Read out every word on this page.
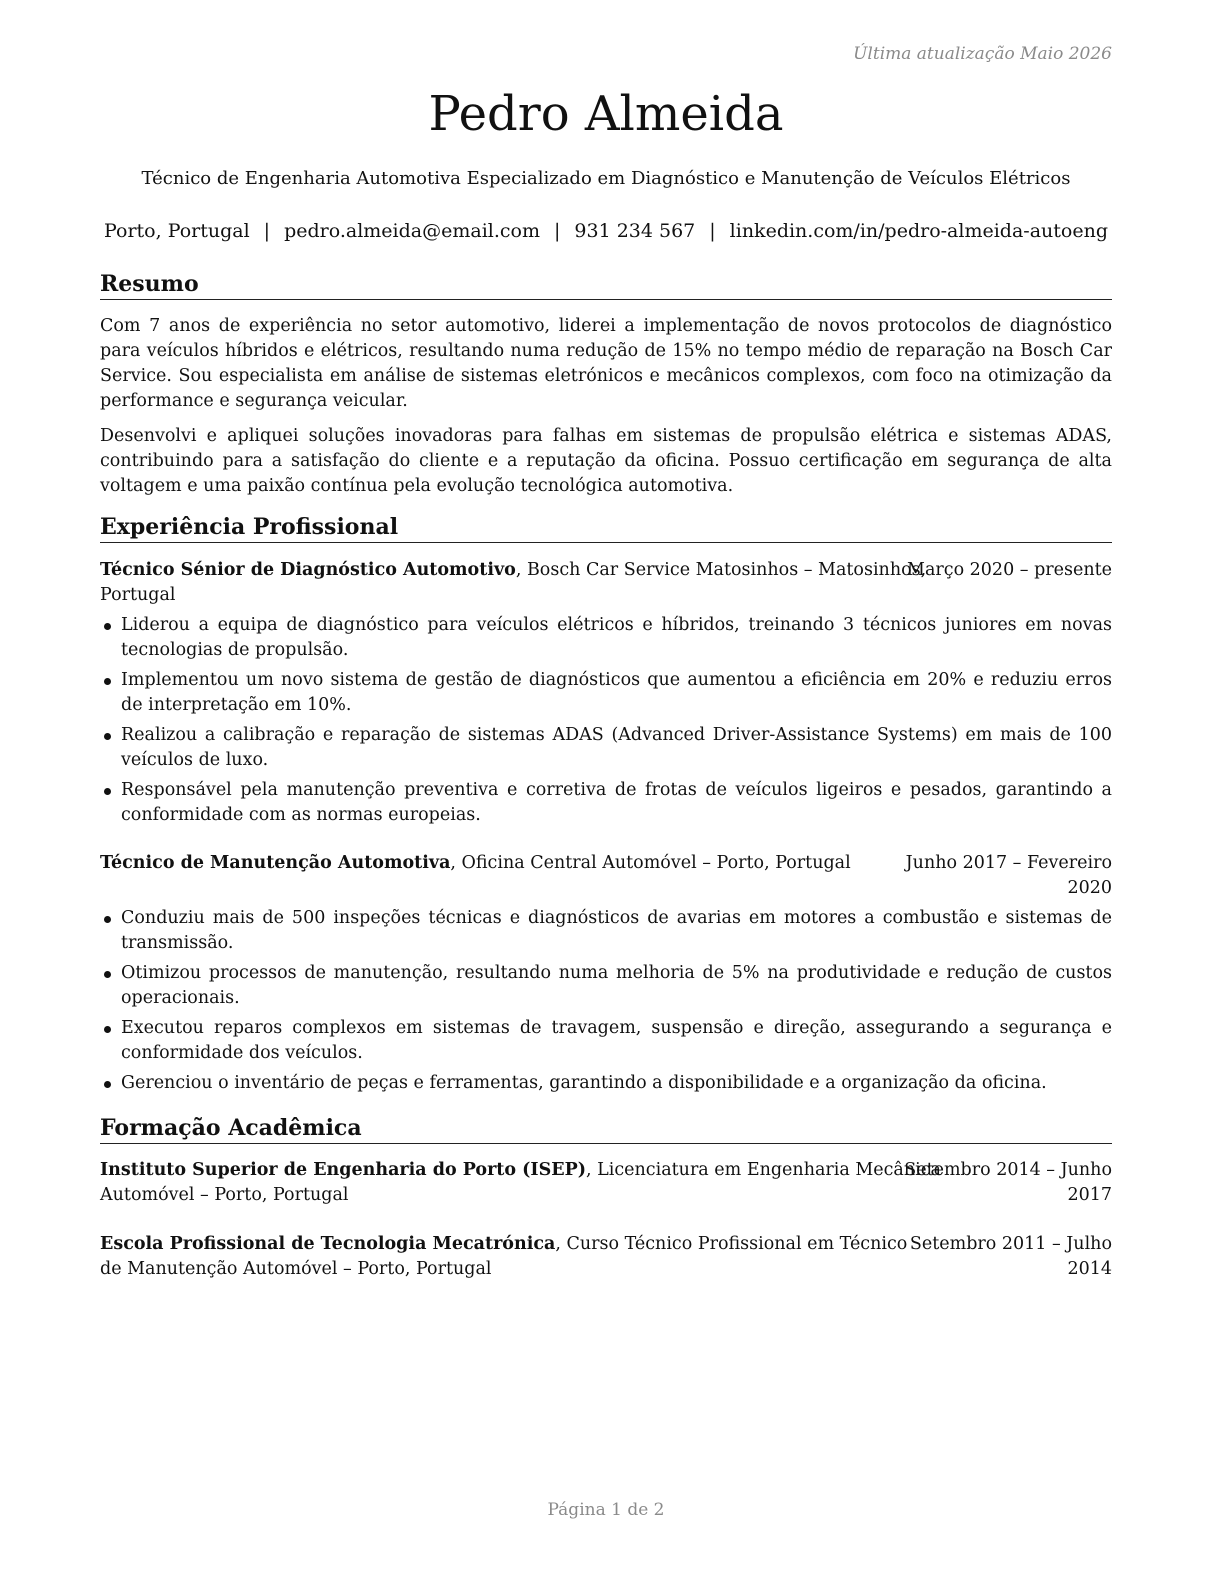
Última atualização Maio 2026
Pedro Almeida
Técnico de Engenharia Automotiva Especializado em Diagnóstico e Manutenção de Veículos Elétricos
Porto, Portugal | pedro.almeida@email.com | 931 234 567 | linkedin.com/in/pedro-almeida-autoeng
Resumo

Com 7 anos de experiência no setor automotivo, liderei a implementação de novos protocolos de diagnóstico para veículos híbridos e elétricos, resultando numa redução de 15% no tempo médio de reparação na Bosch Car Service. Sou especialista em análise de sistemas eletrónicos e mecânicos complexos, com foco na otimização da performance e segurança veicular.

Desenvolvi e apliquei soluções inovadoras para falhas em sistemas de propulsão elétrica e sistemas ADAS, contribuindo para a satisfação do cliente e a reputação da oficina. Possuo certificação em segurança de alta voltagem e uma paixão contínua pela evolução tecnológica automotiva.

Experiência Profissional
Técnico Sénior de Diagnóstico Automotivo, Bosch Car Service Matosinhos – Matosinhos,
Portugal
Março 2020 – presente
Liderou a equipa de diagnóstico para veículos elétricos e híbridos, treinando 3 técnicos juniores em novas tecnologias de propulsão.
Implementou um novo sistema de gestão de diagnósticos que aumentou a eficiência em 20% e reduziu erros de interpretação em 10%.
Realizou a calibração e reparação de sistemas ADAS (Advanced Driver-Assistance Systems) em mais de 100 veículos de luxo.
Responsável pela manutenção preventiva e corretiva de frotas de veículos ligeiros e pesados, garantindo a conformidade com as normas europeias.
Técnico de Manutenção Automotiva, Oficina Central Automóvel – Porto, Portugal	Junho 2017 – Fevereiro
2020
Conduziu mais de 500 inspeções técnicas e diagnósticos de avarias em motores a combustão e sistemas de transmissão.
Otimizou processos de manutenção, resultando numa melhoria de 5% na produtividade e redução de custos operacionais.
Executou reparos complexos em sistemas de travagem, suspensão e direção, assegurando a segurança e conformidade dos veículos.
Gerenciou o inventário de peças e ferramentas, garantindo a disponibilidade e a organização da oficina.
Formação Acadêmica
Instituto Superior de Engenharia do Porto (ISEP), Licenciatura em Engenharia Mecânica
Automóvel – Porto, Portugal
Setembro 2014 – Junho
2017
Escola Profissional de Tecnologia Mecatrónica, Curso Técnico Profissional em Técnico
de Manutenção Automóvel – Porto, Portugal
Setembro 2011 – Julho
2014
Página 1 de 2
